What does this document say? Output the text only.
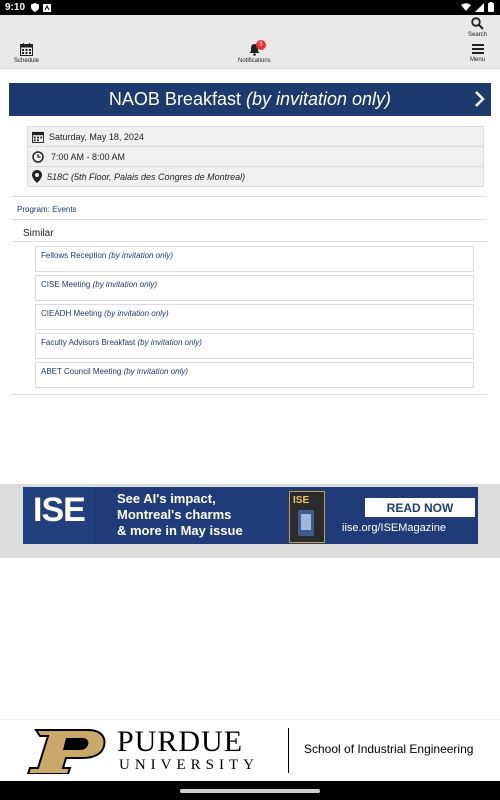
9:10
Schedule
3
Notifications
Search
Menu
NAOB Breakfast (by invitation only)
Saturday, May 18, 2024
7:00 AM - 8:00 AM
518C (5th Floor, Palais des Congres de Montreal)
Program: Events
Similar
Fellows Reception (by invitation only)
CISE Meeting (by invitation only)
CIEADH Meeting (by invitation only)
Faculty Advisors Breakfast (by invitation only)
ABET Council Meeting (by invitation only)
ISE See AI's impact,
Montreal's charms
& more in May issue
ISE	READ NOW
iise.org/ISEMagazine
PURDUE
UNIVERSITY
School of Industrial Engineering
